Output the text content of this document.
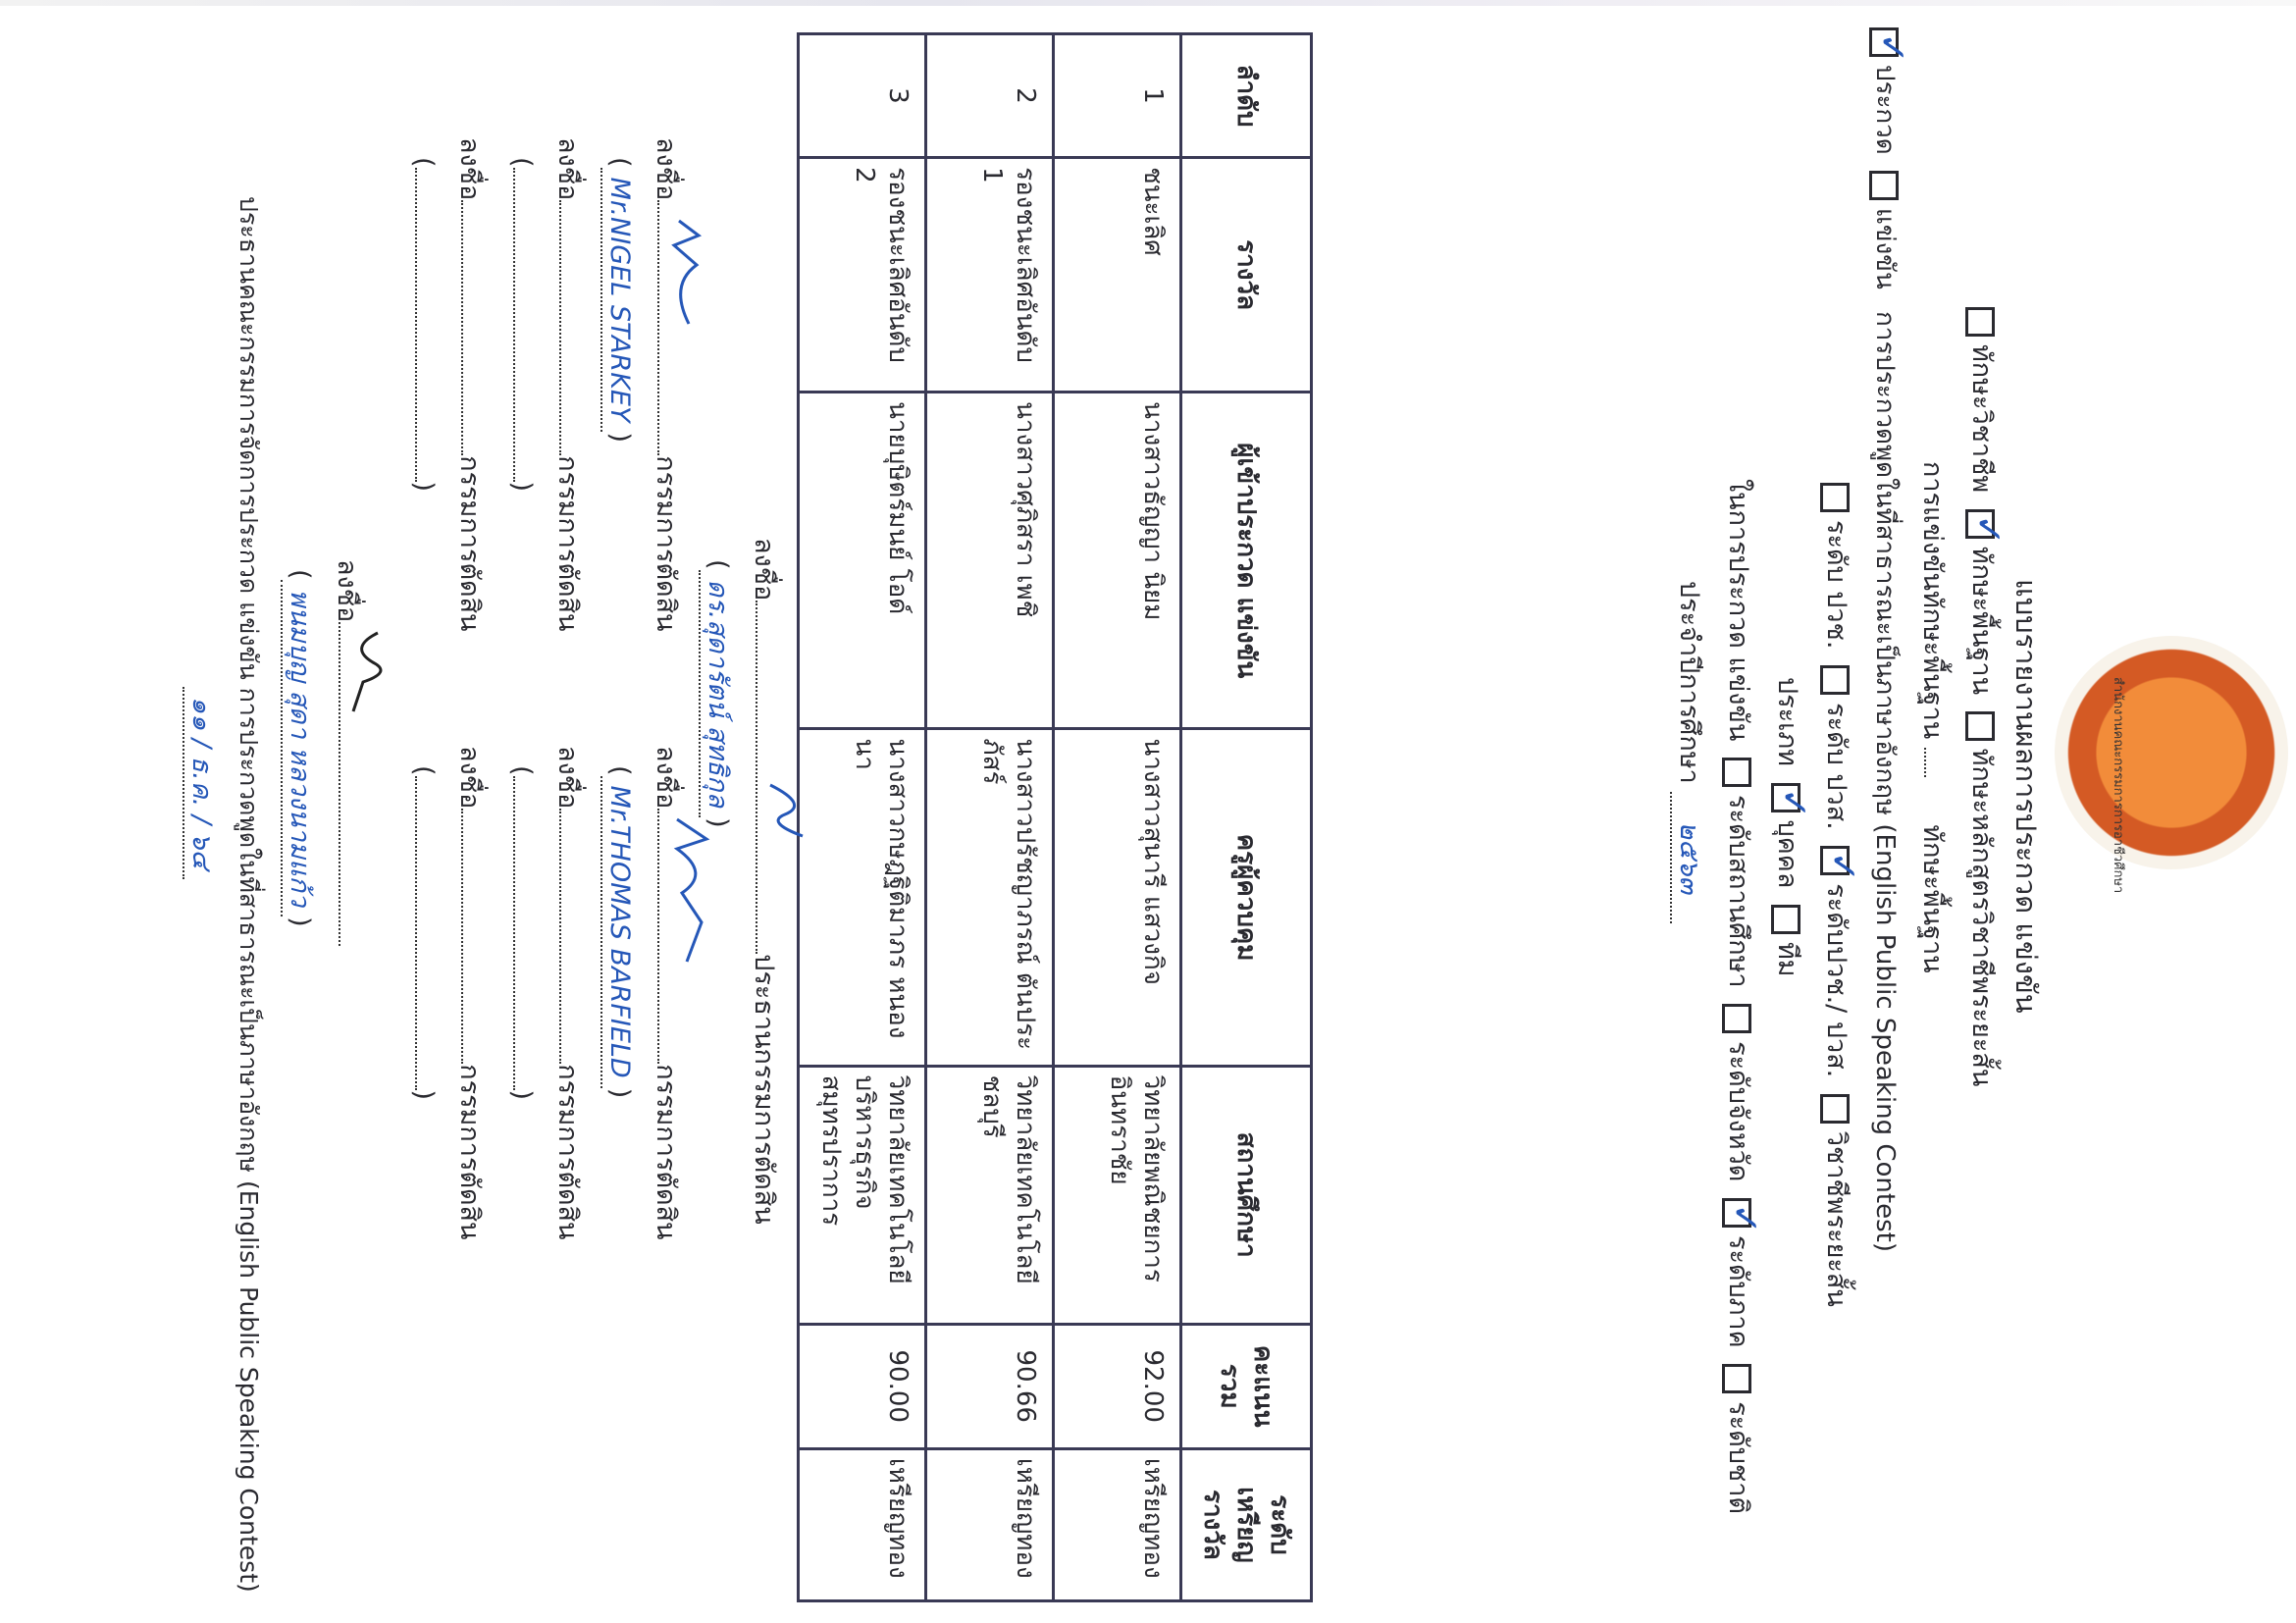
สำนักงานคณะกรรมการการอาชีวศึกษา
แบบรายงานผลการประกวด แข่งขัน
ทักษะวิชาชีพ
✓
ทักษะพื้นฐาน ทักษะหลักสูตรวิชาชีพระยะสั้น
การแข่งขันทักษะพื้นฐาน  ทักษะพื้นฐาน
✓
ประกวด แข่งขัน การประกวดพูดในที่สาธารณะเป็นภาษาอังกฤษ (English Public Speaking Contest)
ระดับ ปวช. ระดับ ปวส.
✓
ระดับปวช./ ปวส. วิชาชีพระยะสั้น
ประเภท
✓
บุคคล ทีม
ในการประกวด แข่งขัน ระดับสถานศึกษา ระดับจังหวัด
✓
ระดับภาค ระดับชาติ
ประจำปีการศึกษา ๒๕๖๓
ลำดับ	รางวัล	ผู้เข้าประกวด แข่งขัน	ครูผู้ควบคุม	สถานศึกษา	คะแนน รวม	ระดับ เหรียญ รางวัล
1	ชนะเลิศ	นางสาวธัญญา นิยม	นางสาวสุนารี แสวงกิจ	วิทยาลัยพณิชยการอินทราชัย	92.00	เหรียญทอง
2	รองชนะเลิศอันดับ 1	นางสาวศุภิสรา เพชิ	นางสาวปรัชญาภรณ์ ตันประภัสร์	วิทยาลัยเทคโนโลยีชลบุรี	90.66	เหรียญทอง
3	รองชนะเลิศอันดับ 2	นายบุษิตร์มนย์ โอด์	นางสาวกษฎฐิติมาภร หนองนา	วิทยาลัยเทคโนโลยีบริหารธุรกิจสมุทรปราการ	90.00	เหรียญทอง
ลงชื่อประธานกรรมการตัดสิน
(ดร.สุดารัตน์ สุทธิกุล)
ลงชื่อกรรมการตัดสิน
(Mr.NIGEL STARKEY)
ลงชื่อกรรมการตัดสิน
(Mr.THOMAS BARFIELD)
ลงชื่อกรรมการตัดสิน
()
ลงชื่อกรรมการตัดสิน
()
ลงชื่อกรรมการตัดสิน
()
ลงชื่อกรรมการตัดสิน
()
ลงชื่อ
(พนมบุญ สุดา หลวงนามแก้ว)
ประธานคณะกรรมการจัดการประกวด แข่งขัน การประกวดพูดในที่สาธารณะเป็นภาษาอังกฤษ (English Public Speaking Contest)
๑๑ / ธ.ค. / ๖๔
